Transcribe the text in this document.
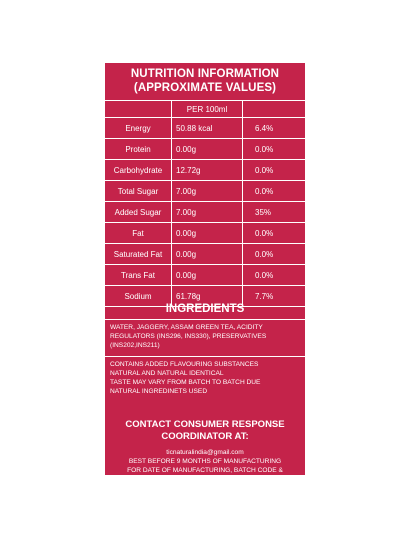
NUTRITION INFORMATION
(APPROXIMATE VALUES)
PER 100ml
Energy	50.88 kcal	6.4%
Protein	0.00g	0.0%
Carbohydrate	12.72g	0.0%
Total Sugar	7.00g	0.0%
Added Sugar	7.00g	35%
Fat	0.00g	0.0%
Saturated Fat	0.00g	0.0%
Trans Fat	0.00g	0.0%
Sodium	61.78g	7.7%
INGREDIENTS
WATER, JAGGERY, ASSAM GREEN TEA, ACIDITY REGULATORS (INS296, INS330), PRESERVATIVES (INS202,INS211)
CONTAINS ADDED FLAVOURING SUBSTANCES
NATURAL AND NATURAL IDENTICAL
TASTE MAY VARY FROM BATCH TO BATCH DUE
NATURAL INGREDINETS USED
CONTACT CONSUMER RESPONSE
COORDINATOR AT:
ticnaturalindia@gmail.com
BEST BEFORE 9 MONTHS OF MANUFACTURING
FOR DATE OF MANUFACTURING, BATCH CODE &
MRP PLEASE CHECK BASE OF CAN
